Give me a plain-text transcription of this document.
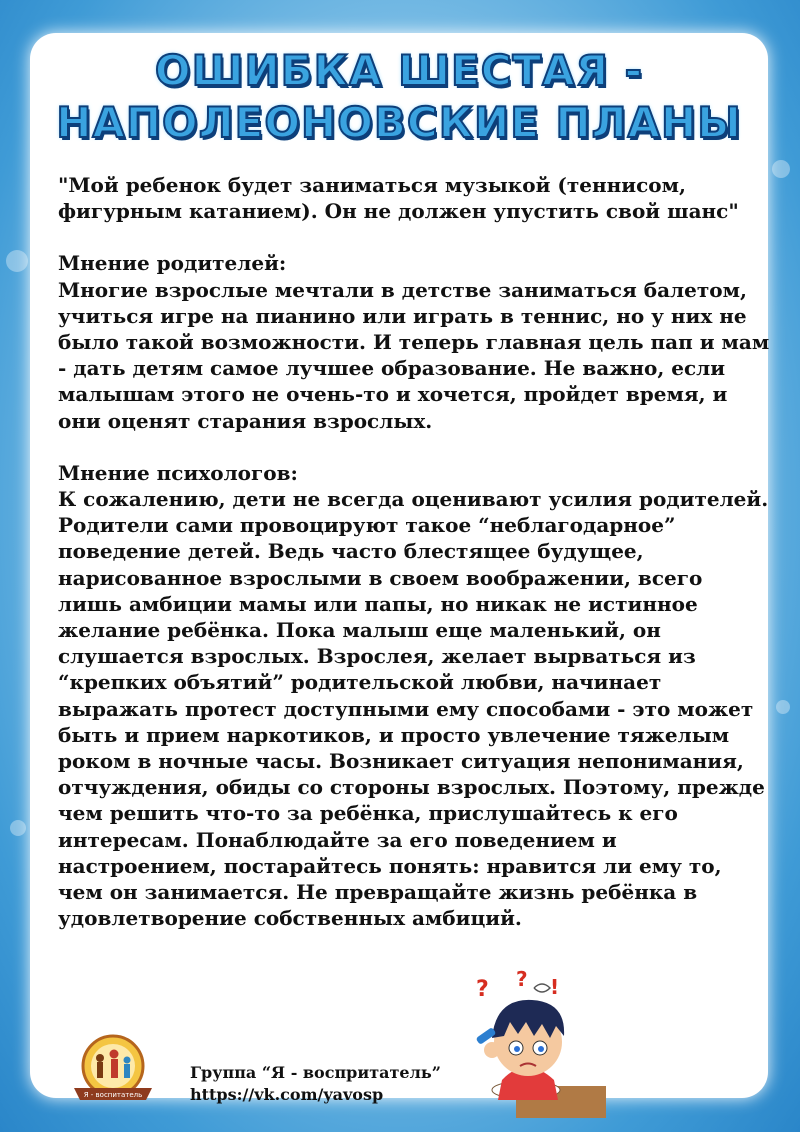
ОШИБКА ШЕСТАЯ -
НАПОЛЕОНОВСКИЕ ПЛАНЫ

"Мой ребенок будет заниматься музыкой (теннисом, фигурным катанием). Он не должен упустить свой шанс"

Мнение родителей:

Многие взрослые мечтали в детстве заниматься балетом, учиться игре на пианино или играть в теннис, но у них не было такой возможности. И теперь главная цель пап и мам - дать детям самое лучшее образование. Не важно, если малышам этого не очень-то и хочется, пройдет время, и они оценят старания взрослых.

Мнение психологов:

К сожалению, дети не всегда оценивают усилия родителей. Родители сами провоцируют такое “неблагодарное” поведение детей. Ведь часто блестящее будущее, нарисованное взрослыми в своем воображении, всего лишь амбиции мамы или папы, но никак не истинное желание ребёнка. Пока малыш еще маленький, он слушается взрослых. Взрослея, желает вырваться из “крепких объятий” родительской любви, начинает выражать протест доступными ему способами - это может быть и прием наркотиков, и просто увлечение тяжелым роком в ночные часы. Возникает ситуация непонимания, отчуждения, обиды со стороны взрослых. Поэтому, прежде чем решить что-то за ребёнка, прислушайтесь к его интересам. Понаблюдайте за его поведением и настроением, постарайтесь понять: нравится ли ему то, чем он занимается. Не превращайте жизнь ребёнка в удовлетворение собственных амбиций.

Я - воспитатель
Группа “Я - воспритатель”
https://vk.com/yavosp
? ? !
